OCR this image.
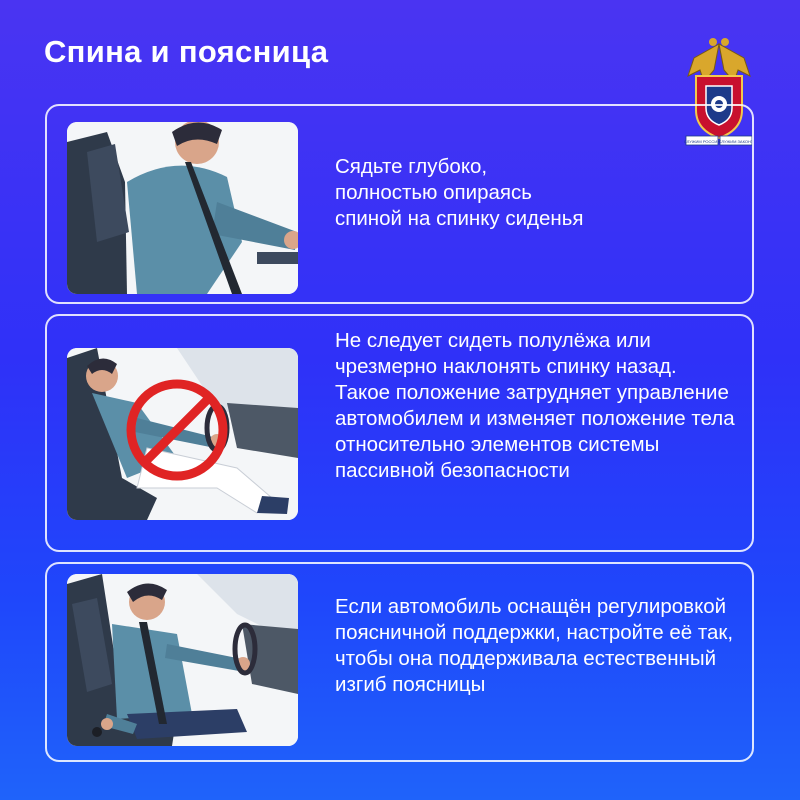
Спина и поясница
СЛУЖИМ РОССИИ
СЛУЖИМ ЗАКОНУ

Сядьте глубоко, полностью опираясь спиной на спинку сиденья

Не следует сидеть полулёжа или чрезмерно наклонять спинку назад. Такое положение затрудняет управление автомобилем и изменяет положение тела относительно элементов системы пассивной безопасности

Если автомобиль оснащён регулировкой поясничной поддержки, настройте её так, чтобы она поддерживала естественный изгиб поясницы
